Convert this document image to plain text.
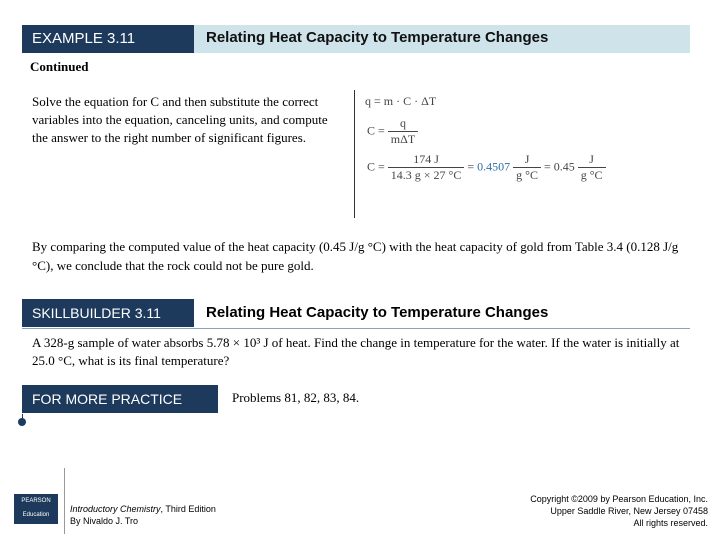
EXAMPLE 3.11	Relating Heat Capacity to Temperature Changes
Continued
Solve the equation for C and then substitute the correct variables into the equation, canceling units, and compute the answer to the right number of significant figures.
q = m · C · ΔT
$C = \frac{q}{\text{mΔT}}$
$C = \frac{174 J}{14.3 g \times 27 ^\circ C} = 0.4507 \frac{J}{g ^\circ C} = 0.45 \frac{J}{g ^\circ C}$
By comparing the computed value of the heat capacity (0.45 J/g °C) with the heat capacity of gold from Table 3.4 (0.128 J/g °C), we conclude that the rock could not be pure gold.
SKILLBUILDER 3.11	Relating Heat Capacity to Temperature Changes
A 328-g sample of water absorbs 5.78 × 10³ J of heat. Find the change in temperature for the water. If the water is initially at 25.0 °C, what is its final temperature?
FOR MORE PRACTICE	Problems 81, 82, 83, 84.
PEARSON
Education
Introductory Chemistry, Third Edition
By Nivaldo J. Tro
Copyright ©2009 by Pearson Education, Inc.
Upper Saddle River, New Jersey 07458
All rights reserved.
